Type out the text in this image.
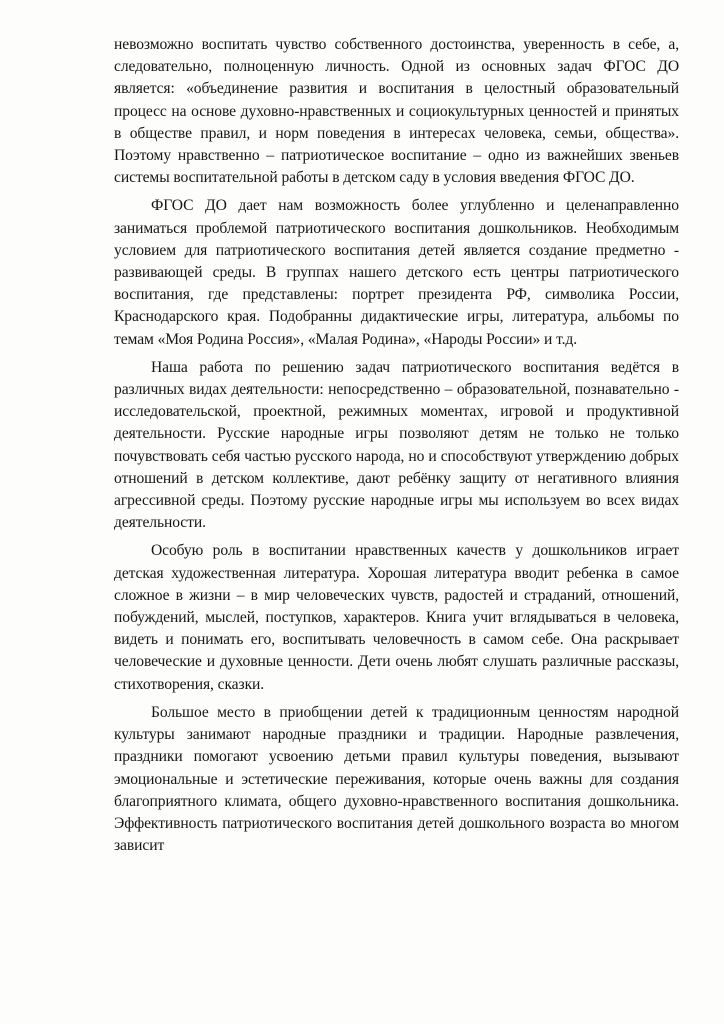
невозможно воспитать чувство собственного достоинства, уверенность в себе, а, следовательно, полноценную личность. Одной из основных задач ФГОС ДО является: «объединение развития и воспитания в целостный образовательный процесс на основе духовно-нравственных и социокультурных ценностей и принятых в обществе правил, и норм поведения в интересах человека, семьи, общества». Поэтому нравственно – патриотическое воспитание – одно из важнейших звеньев системы воспитательной работы в детском саду в условия введения ФГОС ДО.

ФГОС ДО дает нам возможность более углубленно и целенаправленно заниматься проблемой патриотического воспитания дошкольников. Необходимым условием для патриотического воспитания детей является создание предметно - развивающей среды. В группах нашего детского есть центры патриотического воспитания, где представлены: портрет президента РФ, символика России, Краснодарского края. Подобранны дидактические игры, литература, альбомы по темам «Моя Родина Россия», «Малая Родина», «Народы России» и т.д.

Наша работа по решению задач патриотического воспитания ведётся в различных видах деятельности: непосредственно – образовательной, познавательно - исследовательской, проектной, режимных моментах, игровой и продуктивной деятельности. Русские народные игры позволяют детям не только не только почувствовать себя частью русского народа, но и способствуют утверждению добрых отношений в детском коллективе, дают ребёнку защиту от негативного влияния агрессивной среды. Поэтому русские народные игры мы используем во всех видах деятельности.

Особую роль в воспитании нравственных качеств у дошкольников играет детская художественная литература. Хорошая литература вводит ребенка в самое сложное в жизни – в мир человеческих чувств, радостей и страданий, отношений, побуждений, мыслей, поступков, характеров. Книга учит вглядываться в человека, видеть и понимать его, воспитывать человечность в самом себе. Она раскрывает человеческие и духовные ценности. Дети очень любят слушать различные рассказы, стихотворения, сказки.

Большое место в приобщении детей к традиционным ценностям народной культуры занимают народные праздники и традиции. Народные развлечения, праздники помогают усвоению детьми правил культуры поведения, вызывают эмоциональные и эстетические переживания, которые очень важны для создания благоприятного климата, общего духовно-нравственного воспитания дошкольника. Эффективность патриотического воспитания детей дошкольного возраста во многом зависит
